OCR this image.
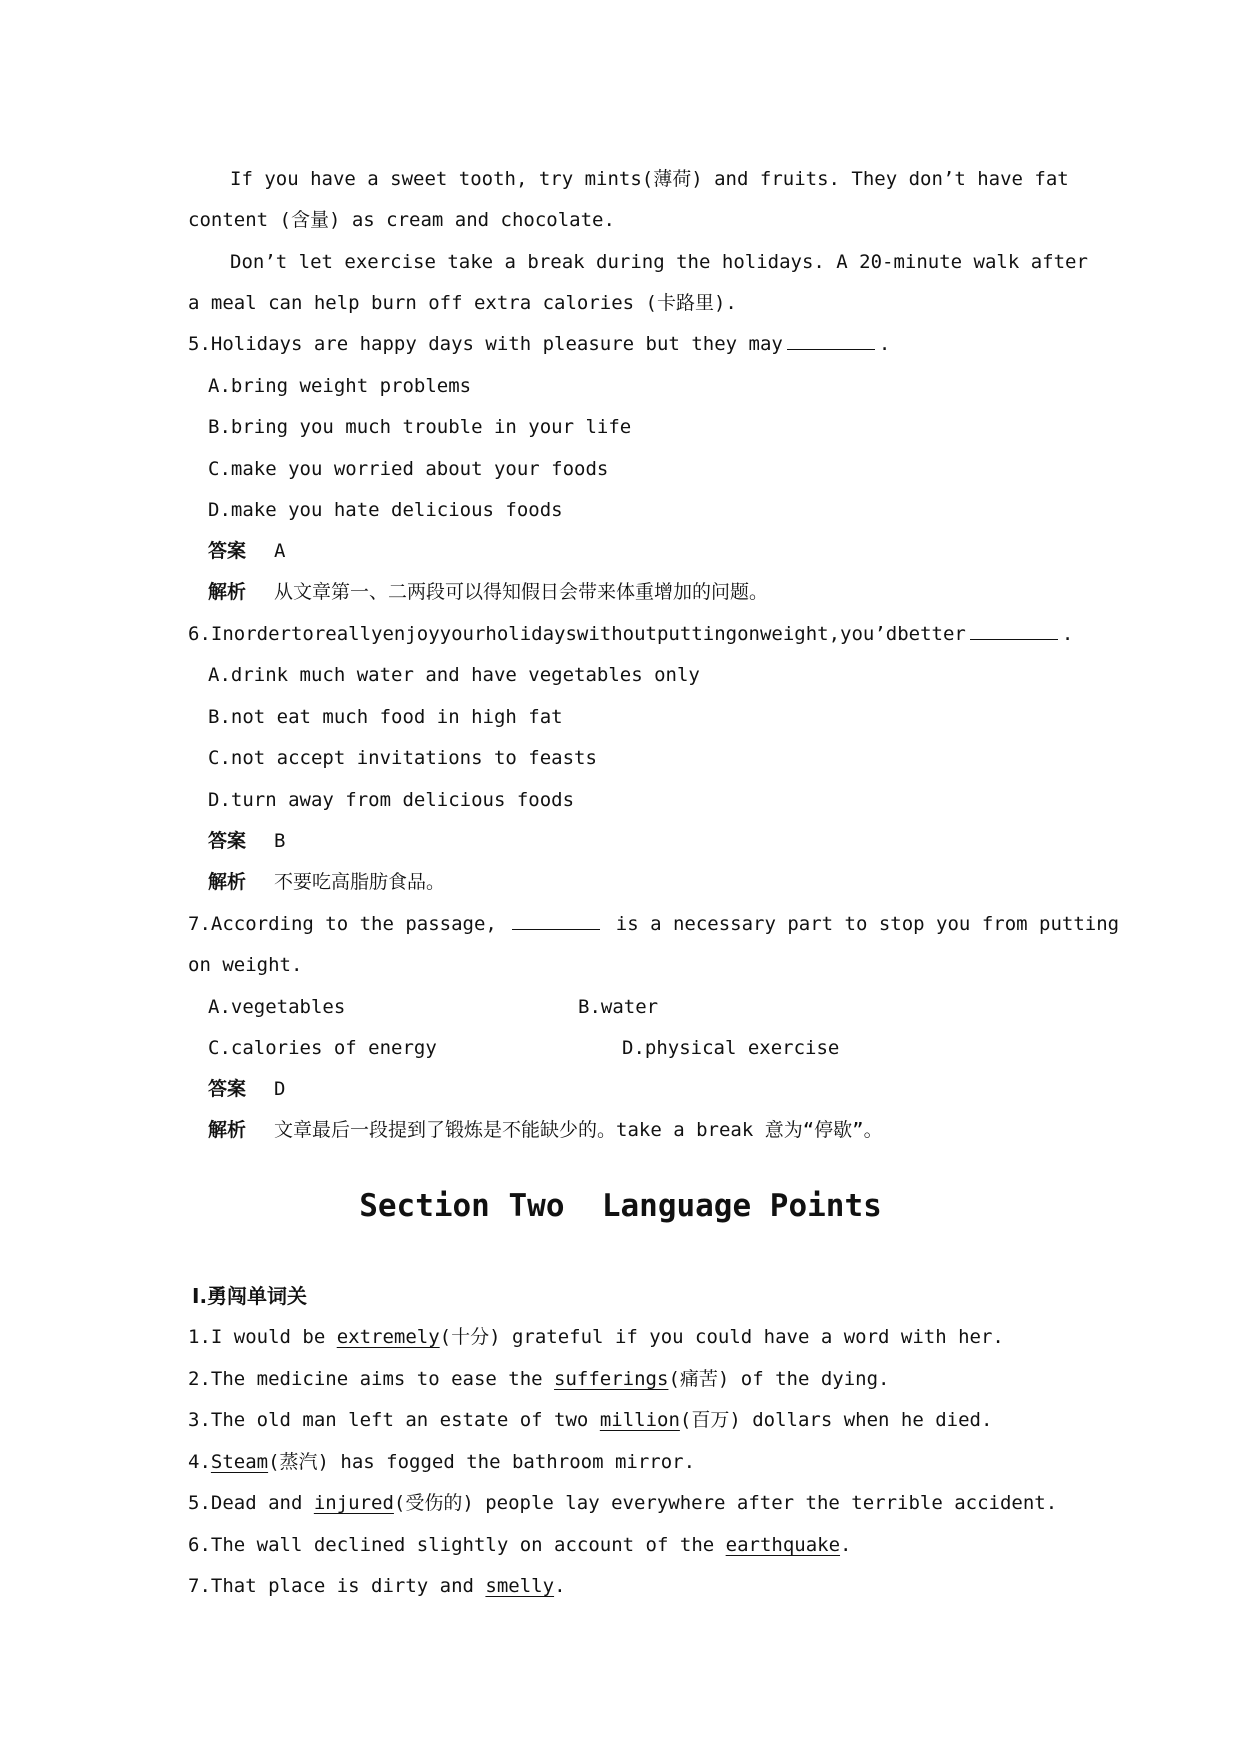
If you have a sweet tooth, try mints(薄荷) and fruits. They don’t have fat
content (含量) as cream and chocolate.
Don’t let exercise take a break during the holidays. A 20-minute walk after
a meal can help burn off extra calories (卡路里).
5.Holidays are happy days with pleasure but they may	.
A.bring weight problems
B.bring you much trouble in your life
C.make you worried about your foods
D.make you hate delicious foods
答案 A
解析 从文章第一、二两段可以得知假日会带来体重增加的问题。
6.Inordertoreallyenjoyyourholidayswithoutputtingonweight,you’dbetter	.
A.drink much water and have vegetables only
B.not eat much food in high fat
C.not accept invitations to feasts
D.turn away from delicious foods
答案 B
解析 不要吃高脂肪食品。
7.According to the passage,	is a necessary part to stop you from putting
on weight.
A.vegetables	B.water
C.calories of energy	D.physical exercise
答案 D
解析 文章最后一段提到了锻炼是不能缺少的。take a break 意为“停歇”。
Section Two  Language Points
Ⅰ.勇闯单词关
1.I would be extremely(十分) grateful if you could have a word with her.
2.The medicine aims to ease the sufferings(痛苦) of the dying.
3.The old man left an estate of two million(百万) dollars when he died.
4.Steam(蒸汽) has fogged the bathroom mirror.
5.Dead and injured(受伤的) people lay everywhere after the terrible accident.
6.The wall declined slightly on account of the earthquake.
7.That place is dirty and smelly.
